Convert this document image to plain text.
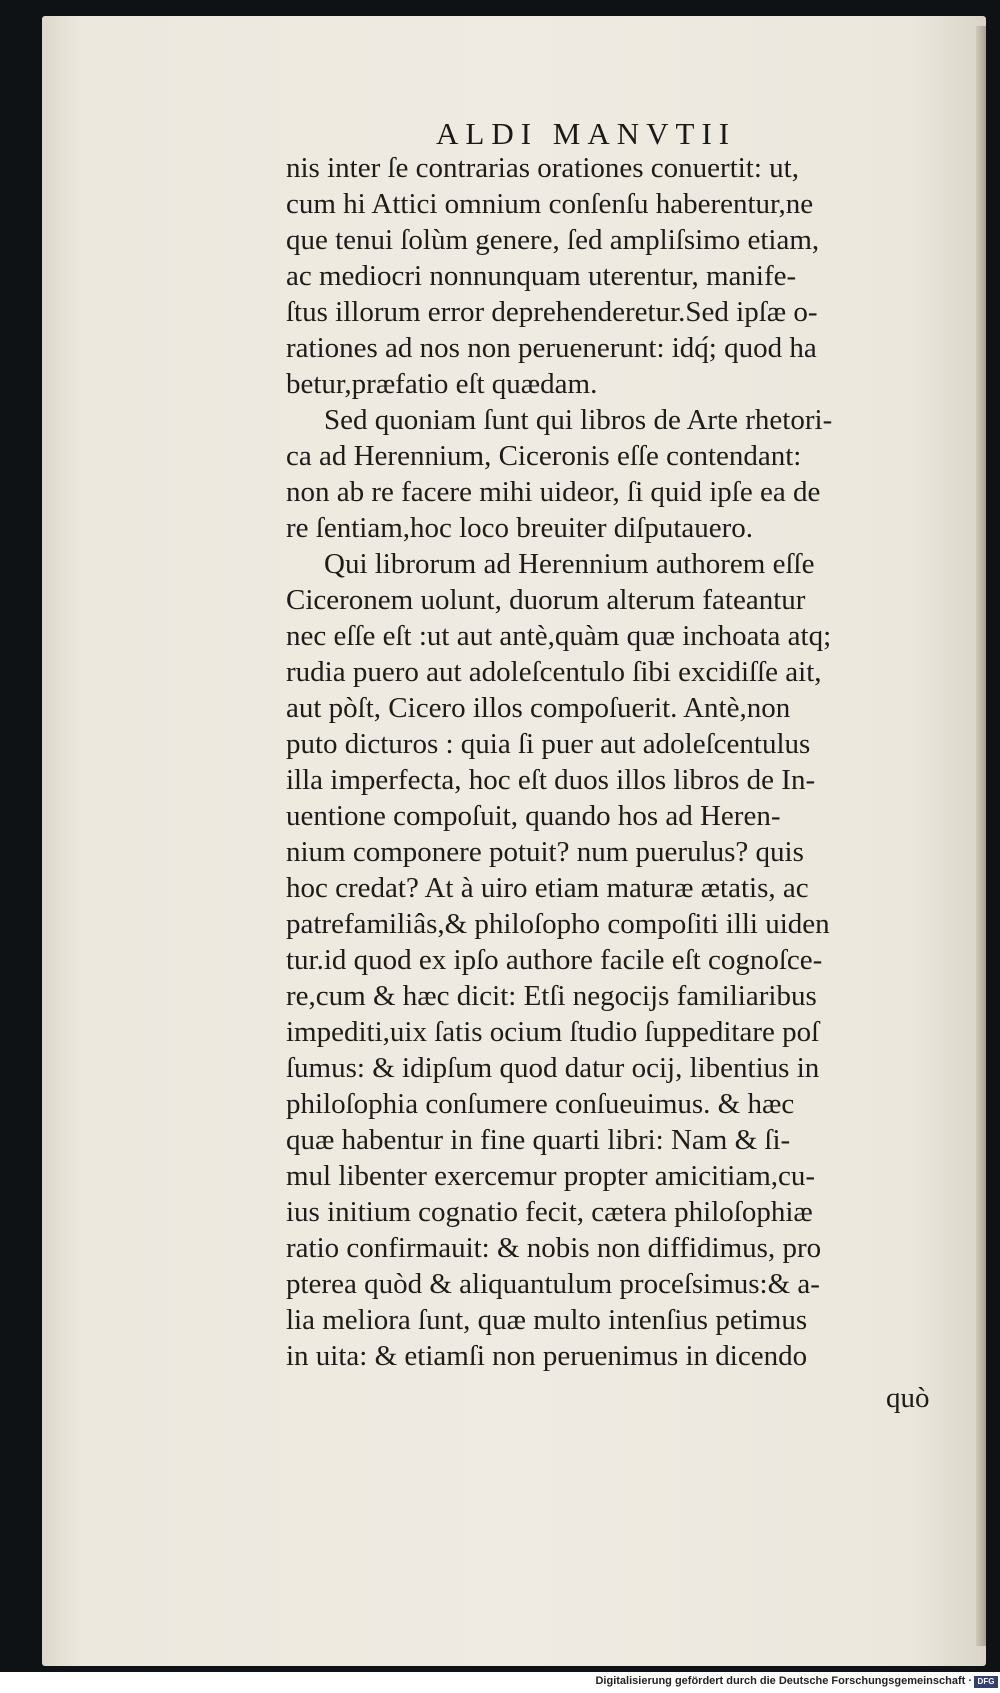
ALDI MANVTII
nis inter ſe contrarias orationes conuertit: ut,
cum hi Attici omnium conſenſu haberentur,ne
que tenui ſolùm genere, ſed ampliſsimo etiam,
ac mediocri nonnunquam uterentur, manife-
ſtus illorum error deprehenderetur.Sed ipſæ o-
rationes ad nos non peruenerunt: idq́; quod ha
betur,præfatio eſt quædam.
Sed quoniam ſunt qui libros de Arte rhetori-
ca ad Herennium, Ciceronis eſſe contendant:
non ab re facere mihi uideor, ſi quid ipſe ea de
re ſentiam,hoc loco breuiter diſputauero.
Qui librorum ad Herennium authorem eſſe
Ciceronem uolunt, duorum alterum fateantur
nec eſſe eſt :ut aut antè,quàm quæ inchoata atq;
rudia puero aut adoleſcentulo ſibi excidiſſe ait,
aut pòſt, Cicero illos compoſuerit. Antè,non
puto dicturos : quia ſi puer aut adoleſcentulus
illa imperfecta, hoc eſt duos illos libros de In-
uentione compoſuit, quando hos ad Heren-
nium componere potuit? num puerulus? quis
hoc credat? At à uiro etiam maturæ ætatis, ac
patrefamiliâs,& philoſopho compoſiti illi uiden
tur.id quod ex ipſo authore facile eſt cognoſce-
re,cum & hæc dicit: Etſi negocijs familiaribus
impediti,uix ſatis ocium ſtudio ſuppeditare poſ
ſumus: & idipſum quod datur ocij, libentius in
philoſophia conſumere conſueuimus. & hæc
quæ habentur in fine quarti libri: Nam & ſi-
mul libenter exercemur propter amicitiam,cu-
ius initium cognatio fecit, cætera philoſophiæ
ratio confirmauit: & nobis non diffidimus, pro
pterea quòd & aliquantulum proceſsimus:& a-
lia meliora ſunt, quæ multo intenſius petimus
in uita: & etiamſi non peruenimus in dicendo
quò
Digitalisierung gefördert durch die Deutsche Forschungsgemeinschaft · DFG
